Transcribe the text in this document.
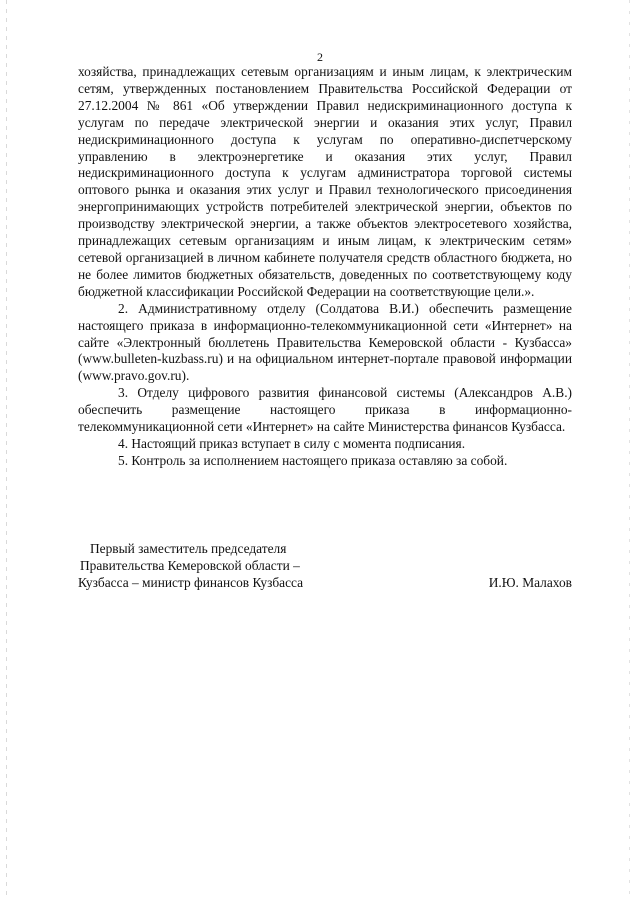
2

хозяйства, принадлежащих сетевым организациям и иным лицам, к электрическим сетям, утвержденных постановлением Правительства Российской Федерации от 27.12.2004 № 861 «Об утверждении Правил недискриминационного доступа к услугам по передаче электрической энергии и оказания этих услуг, Правил недискриминационного доступа к услугам по оперативно-диспетчерскому управлению в электроэнергетике и оказания этих услуг, Правил недискриминационного доступа к услугам администратора торговой системы оптового рынка и оказания этих услуг и Правил технологического присоединения энергопринимающих устройств потребителей электрической энергии, объектов по производству электрической энергии, а также объектов электросетевого хозяйства, принадлежащих сетевым организациям и иным лицам, к электрическим сетям» сетевой организацией в личном кабинете получателя средств областного бюджета, но не более лимитов бюджетных обязательств, доведенных по соответствующему коду бюджетной классификации Российской Федерации на соответствующие цели.».

2. Административному отделу (Солдатова В.И.) обеспечить размещение настоящего приказа в информационно-телекоммуникационной сети «Интернет» на сайте «Электронный бюллетень Правительства Кемеровской области - Кузбасса» (www.bulleten-kuzbass.ru) и на официальном интернет-портале правовой информации (www.pravo.gov.ru).

3. Отделу цифрового развития финансовой системы (Александров А.В.) обеспечить размещение настоящего приказа в информационно-телекоммуникационной сети «Интернет» на сайте Министерства финансов Кузбасса.

4. Настоящий приказ вступает в силу с момента подписания.

5. Контроль за исполнением настоящего приказа оставляю за собой.

Первый заместитель председателя
Правительства Кемеровской области –
Кузбасса – министр финансов Кузбасса	И.Ю. Малахов
